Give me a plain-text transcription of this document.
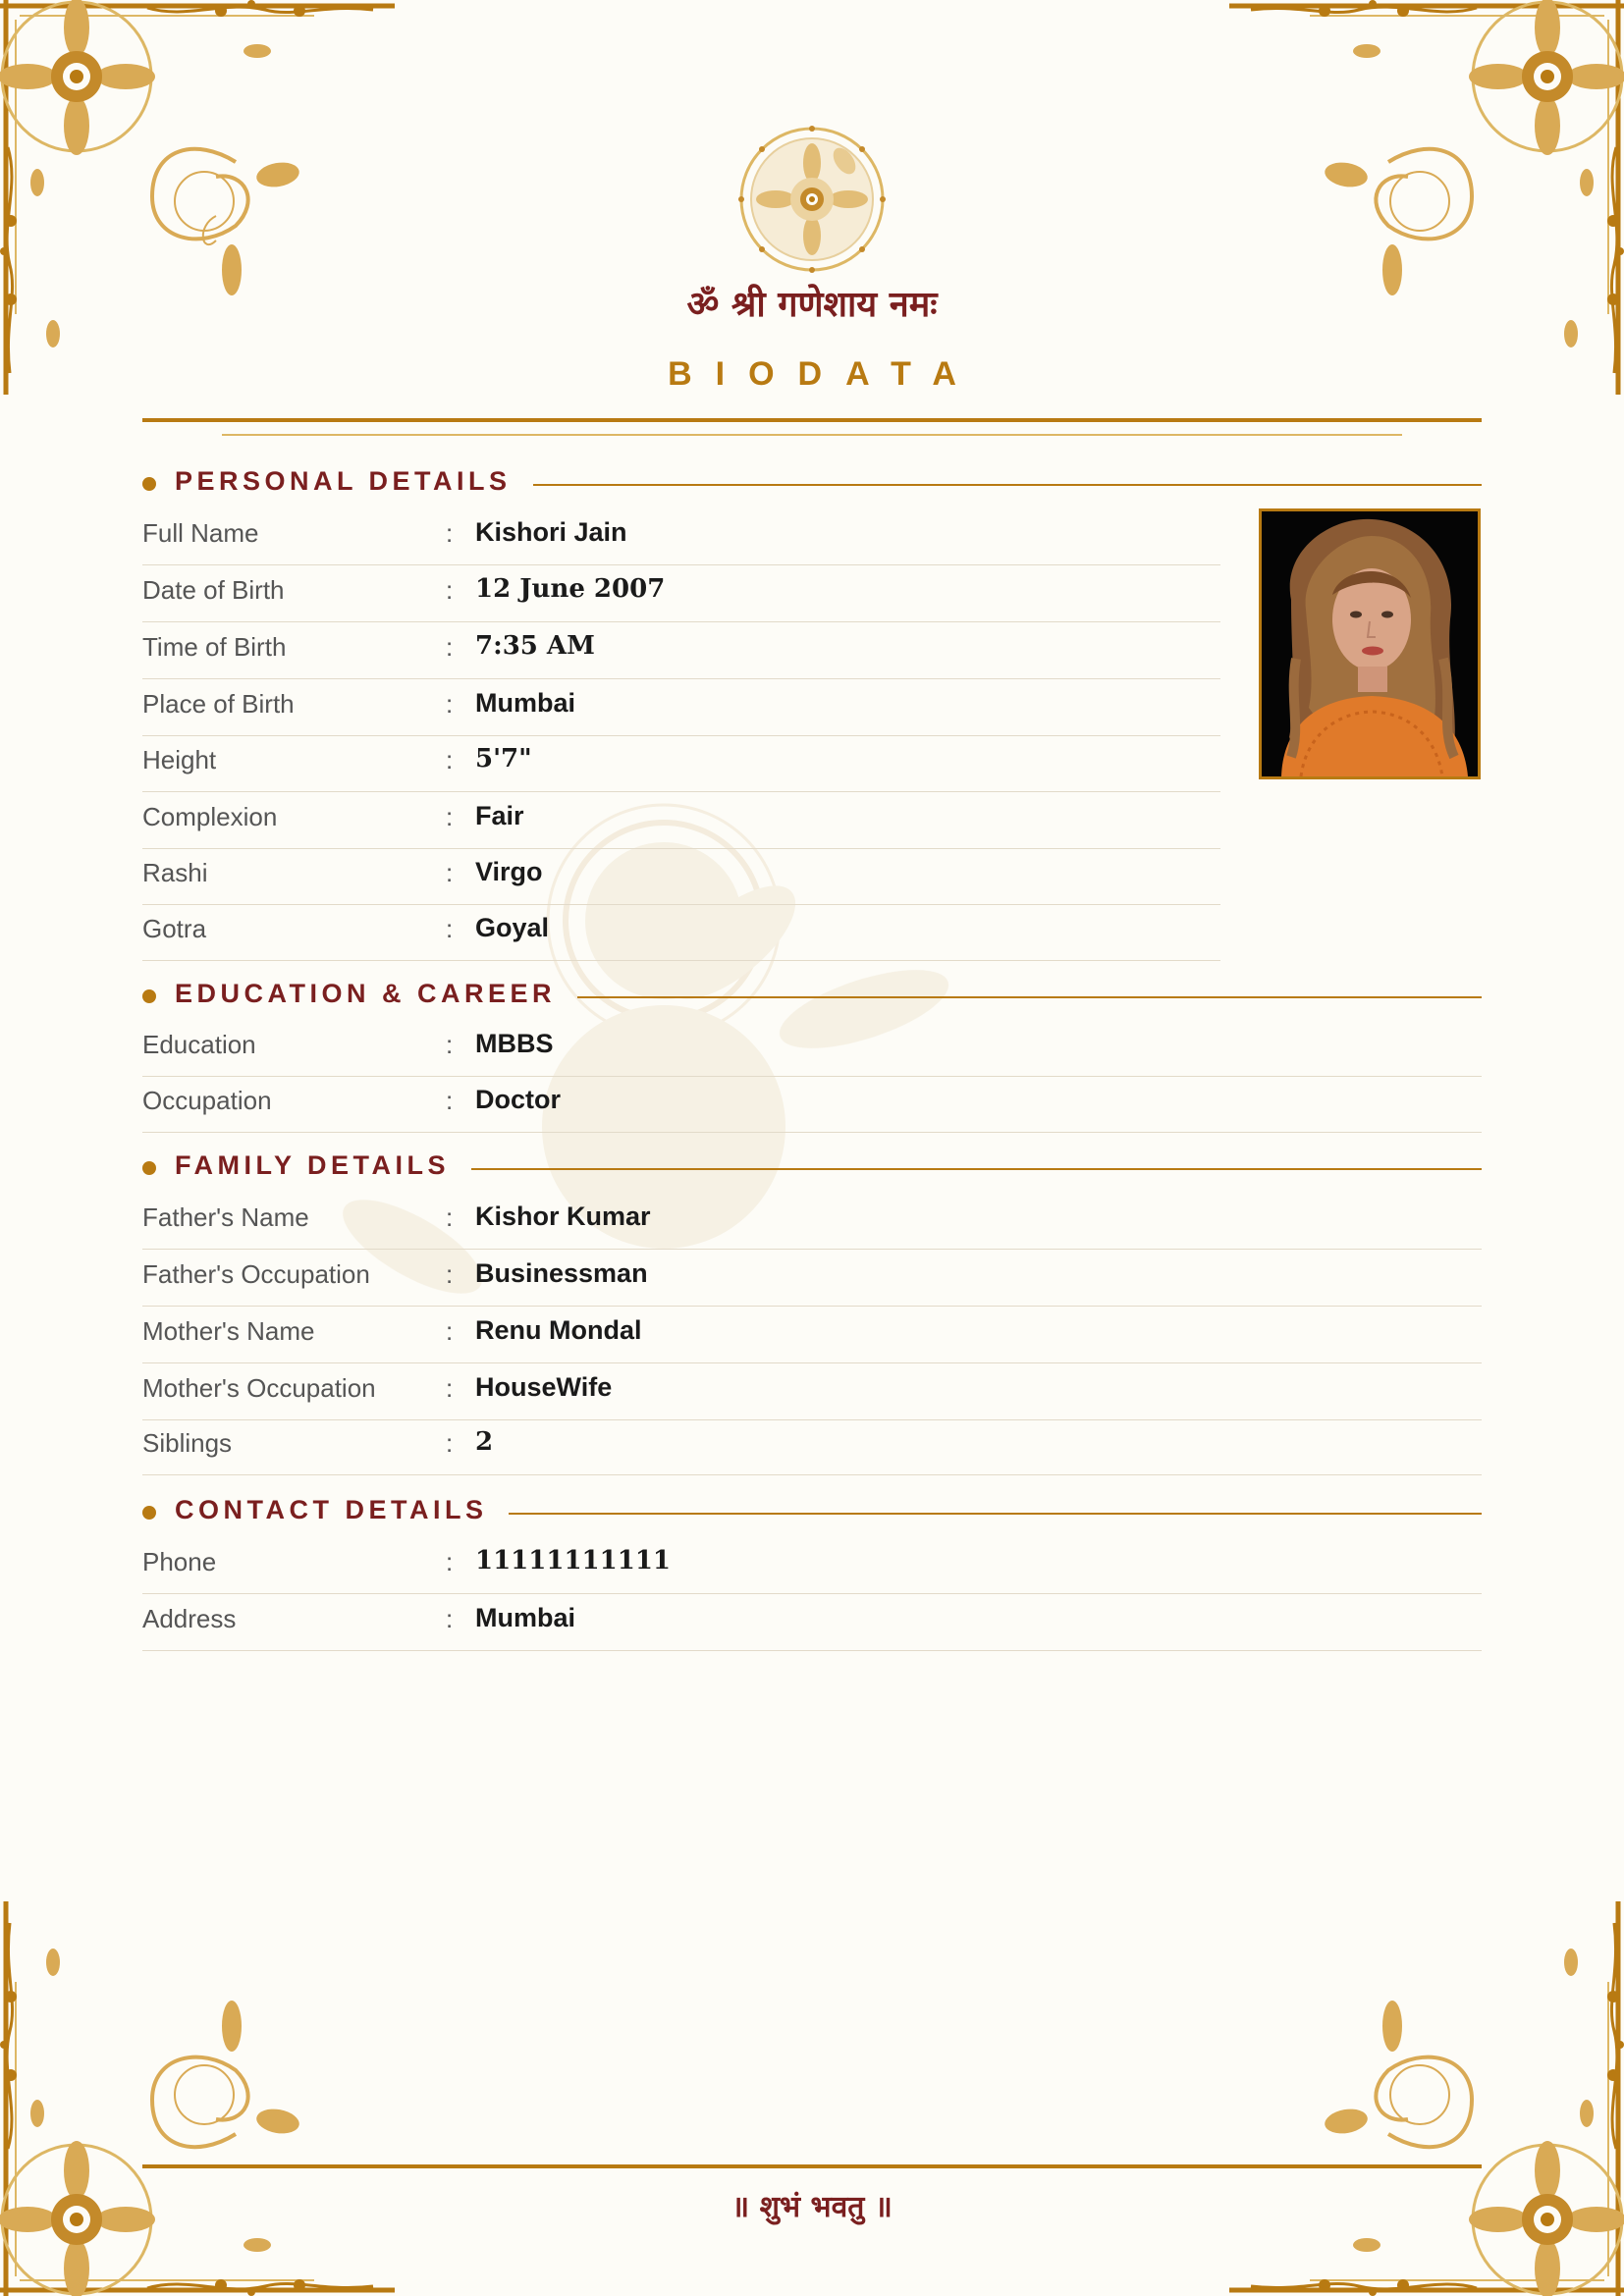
ॐ श्री गणेशाय नमः
BIODATA
PERSONAL DETAILS
Full Name	: Kishori Jain
Date of Birth	: 12 June 2007
Time of Birth	: 7:35 AM
Place of Birth	: Mumbai
Height	: 5'7"
Complexion	: Fair
Rashi	: Virgo
Gotra	: Goyal
EDUCATION & CAREER
Education	: MBBS
Occupation	: Doctor
FAMILY DETAILS
Father's Name	: Kishor Kumar
Father's Occupation	: Businessman
Mother's Name	: Renu Mondal
Mother's Occupation	: HouseWife
Siblings	: 2
CONTACT DETAILS
Phone	: 11111111111
Address	: Mumbai
॥ शुभं भवतु ॥
